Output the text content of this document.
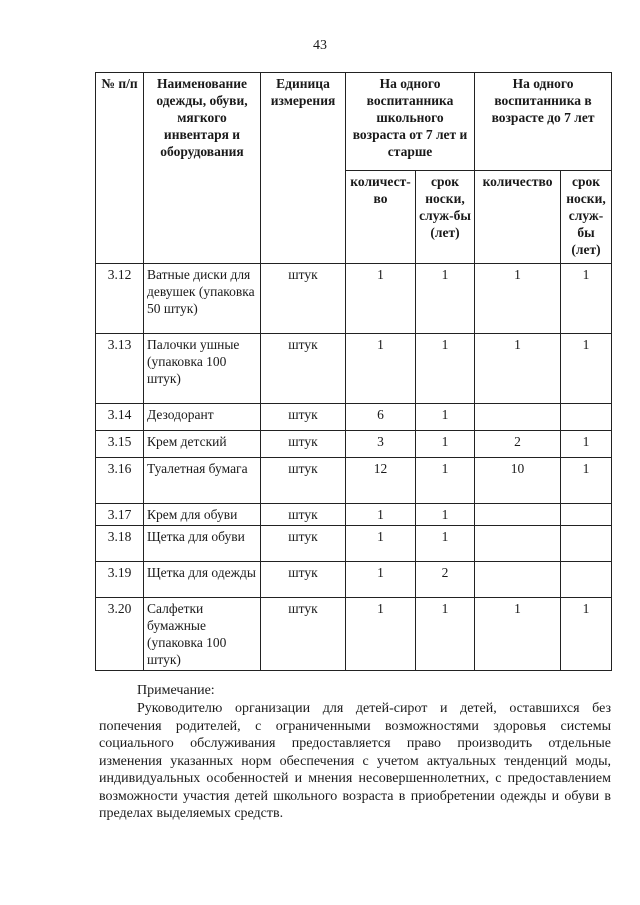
43
№ п/п	Наименование одежды, обуви, мягкого инвентаря и оборудования	Единица измерения	На одного воспитанника школьного возраста от 7 лет и старше		На одного воспитанника в возрасте до 7 лет	
			количест-во	срок носки, служ-бы (лет)	количество	срок носки, служ-бы (лет)
3.12	Ватные диски для девушек (упаковка 50 штук)	штук	1	1	1	1
3.13	Палочки ушные (упаковка 100 штук)	штук	1	1	1	1
3.14	Дезодорант	штук	6	1		
3.15	Крем детский	штук	3	1	2	1
3.16	Туалетная бумага	штук	12	1	10	1
3.17	Крем для обуви	штук	1	1		
3.18	Щетка для обуви	штук	1	1		
3.19	Щетка для одежды	штук	1	2		
3.20	Салфетки бумажные (упаковка 100 штук)	штук	1	1	1	1
Примечание:
Руководителю организации для детей-сирот и детей, оставшихся без попечения родителей, с ограниченными возможностями здоровья системы социального обслуживания предоставляется право производить отдельные изменения указанных норм обеспечения с учетом актуальных тенденций моды, индивидуальных особенностей и мнения несовершеннолетних, с предоставлением возможности участия детей школьного возраста в приобретении одежды и обуви в пределах выделяемых средств.
